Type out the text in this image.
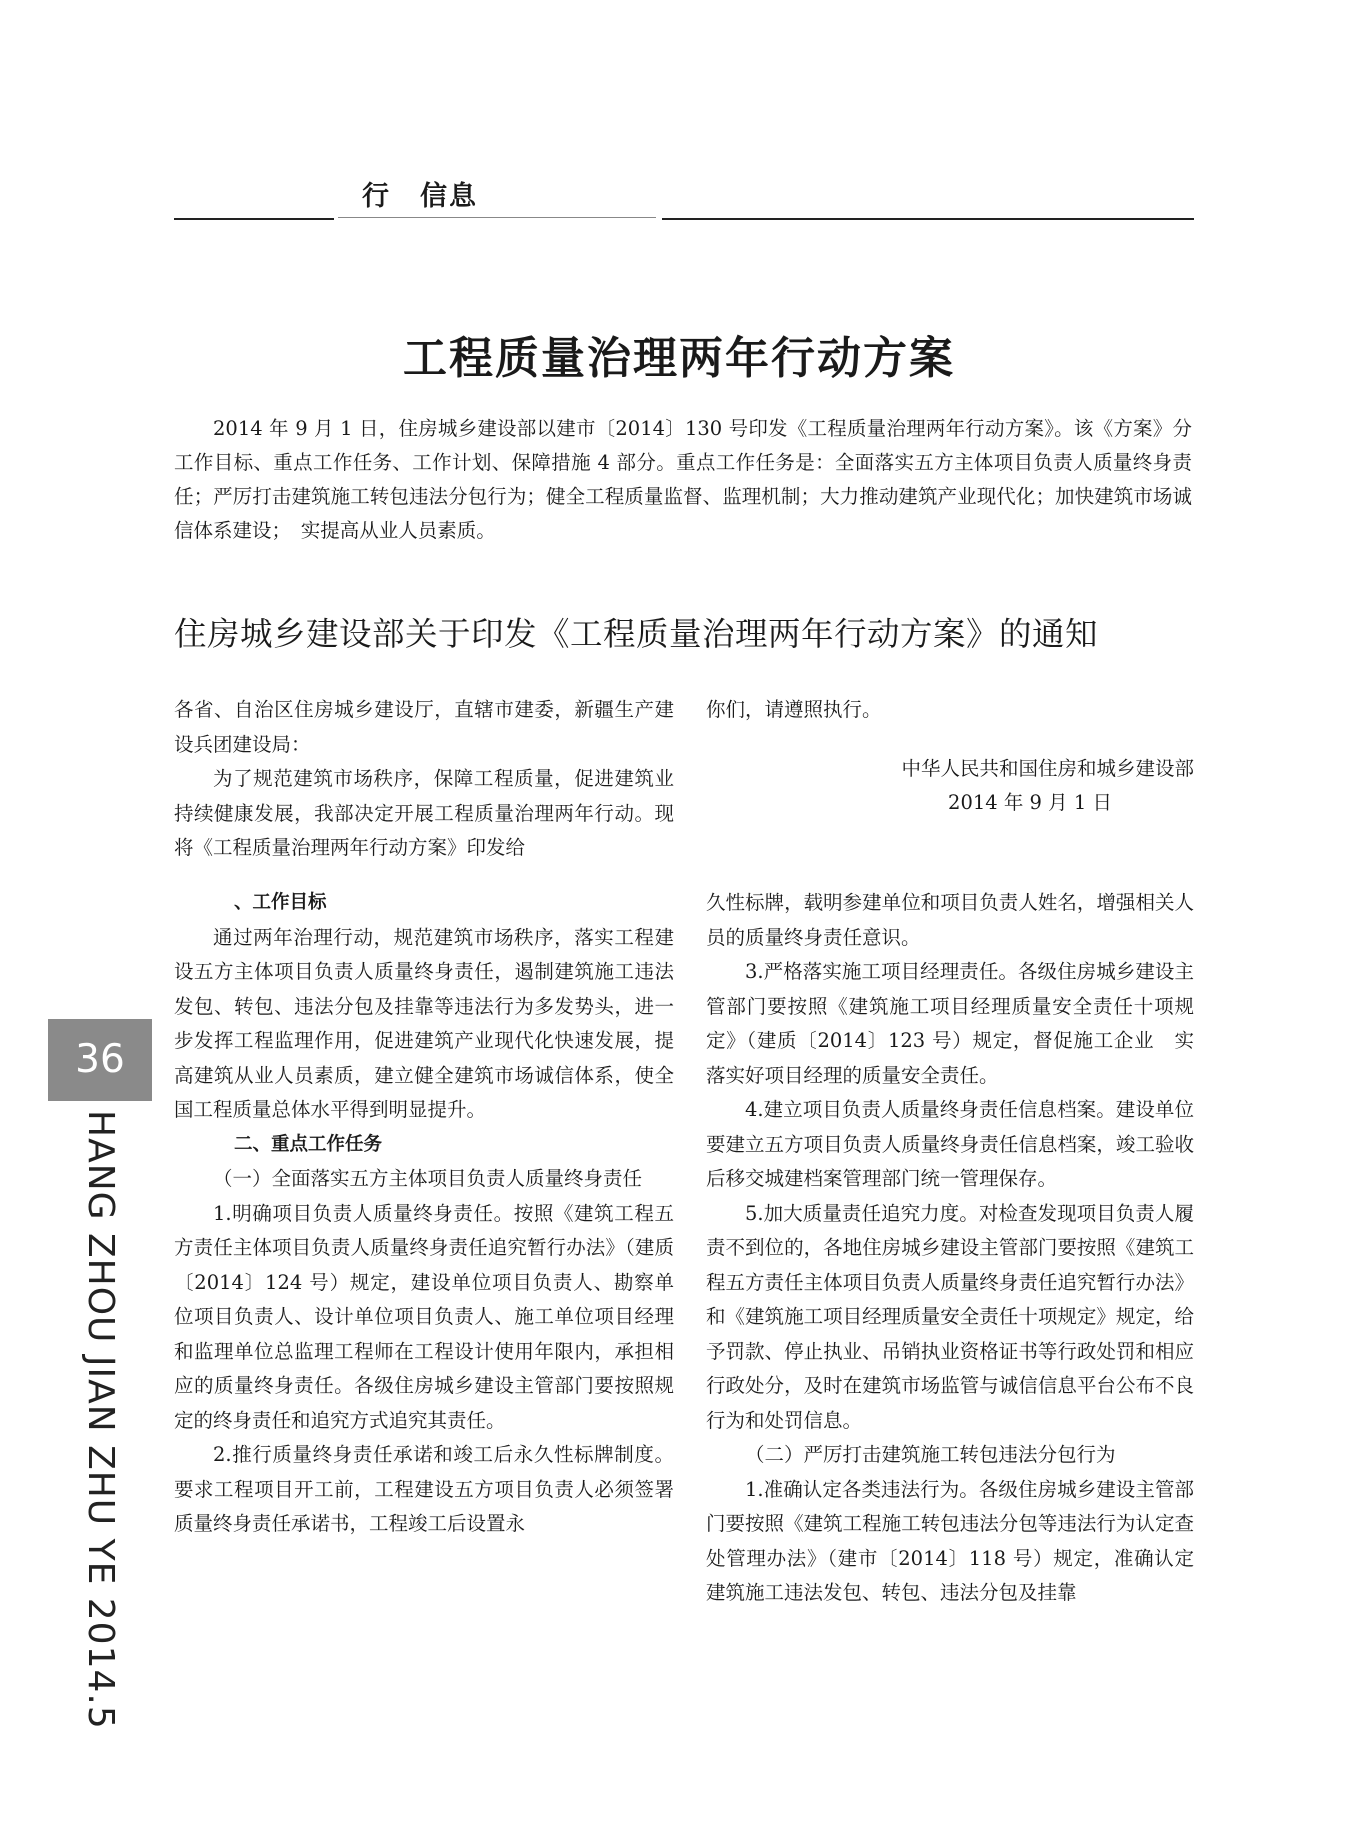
行　信息
工程质量治理两年行动方案
2014 年 9 月 1 日，住房城乡建设部以建市〔2014〕130 号印发《工程质量治理两年行动方案》。该《方案》分工作目标、重点工作任务、工作计划、保障措施 4 部分。重点工作任务是：全面落实五方主体项目负责人质量终身责任；严厉打击建筑施工转包违法分包行为；健全工程质量监督、监理机制；大力推动建筑产业现代化；加快建筑市场诚信体系建设；　实提高从业人员素质。
住房城乡建设部关于印发《工程质量治理两年行动方案》的通知

各省、自治区住房城乡建设厅，直辖市建委，新疆生产建设兵团建设局：

为了规范建筑市场秩序，保障工程质量，促进建筑业持续健康发展，我部决定开展工程质量治理两年行动。现将《工程质量治理两年行动方案》印发给

你们，请遵照执行。

中华人民共和国住房和城乡建设部

2014 年 9 月 1 日

、工作目标

通过两年治理行动，规范建筑市场秩序，落实工程建设五方主体项目负责人质量终身责任，遏制建筑施工违法发包、转包、违法分包及挂靠等违法行为多发势头，进一步发挥工程监理作用，促进建筑产业现代化快速发展，提高建筑从业人员素质，建立健全建筑市场诚信体系，使全国工程质量总体水平得到明显提升。

二、重点工作任务

（一）全面落实五方主体项目负责人质量终身责任

1.明确项目负责人质量终身责任。按照《建筑工程五方责任主体项目负责人质量终身责任追究暂行办法》（建质〔2014〕124 号）规定，建设单位项目负责人、勘察单位项目负责人、设计单位项目负责人、施工单位项目经理和监理单位总监理工程师在工程设计使用年限内，承担相应的质量终身责任。各级住房城乡建设主管部门要按照规定的终身责任和追究方式追究其责任。

2.推行质量终身责任承诺和竣工后永久性标牌制度。要求工程项目开工前，工程建设五方项目负责人必须签署质量终身责任承诺书，工程竣工后设置永

久性标牌，载明参建单位和项目负责人姓名，增强相关人员的质量终身责任意识。

3.严格落实施工项目经理责任。各级住房城乡建设主管部门要按照《建筑施工项目经理质量安全责任十项规定》（建质〔2014〕123 号）规定，督促施工企业　实落实好项目经理的质量安全责任。

4.建立项目负责人质量终身责任信息档案。建设单位要建立五方项目负责人质量终身责任信息档案，竣工验收后移交城建档案管理部门统一管理保存。

5.加大质量责任追究力度。对检查发现项目负责人履责不到位的，各地住房城乡建设主管部门要按照《建筑工程五方责任主体项目负责人质量终身责任追究暂行办法》和《建筑施工项目经理质量安全责任十项规定》规定，给予罚款、停止执业、吊销执业资格证书等行政处罚和相应行政处分，及时在建筑市场监管与诚信信息平台公布不良行为和处罚信息。

（二）严厉打击建筑施工转包违法分包行为

1.准确认定各类违法行为。各级住房城乡建设主管部门要按照《建筑工程施工转包违法分包等违法行为认定查处管理办法》（建市〔2014〕118 号）规定，准确认定建筑施工违法发包、转包、违法分包及挂靠

36
HANG ZHOU JIAN ZHU YE 2014.5
